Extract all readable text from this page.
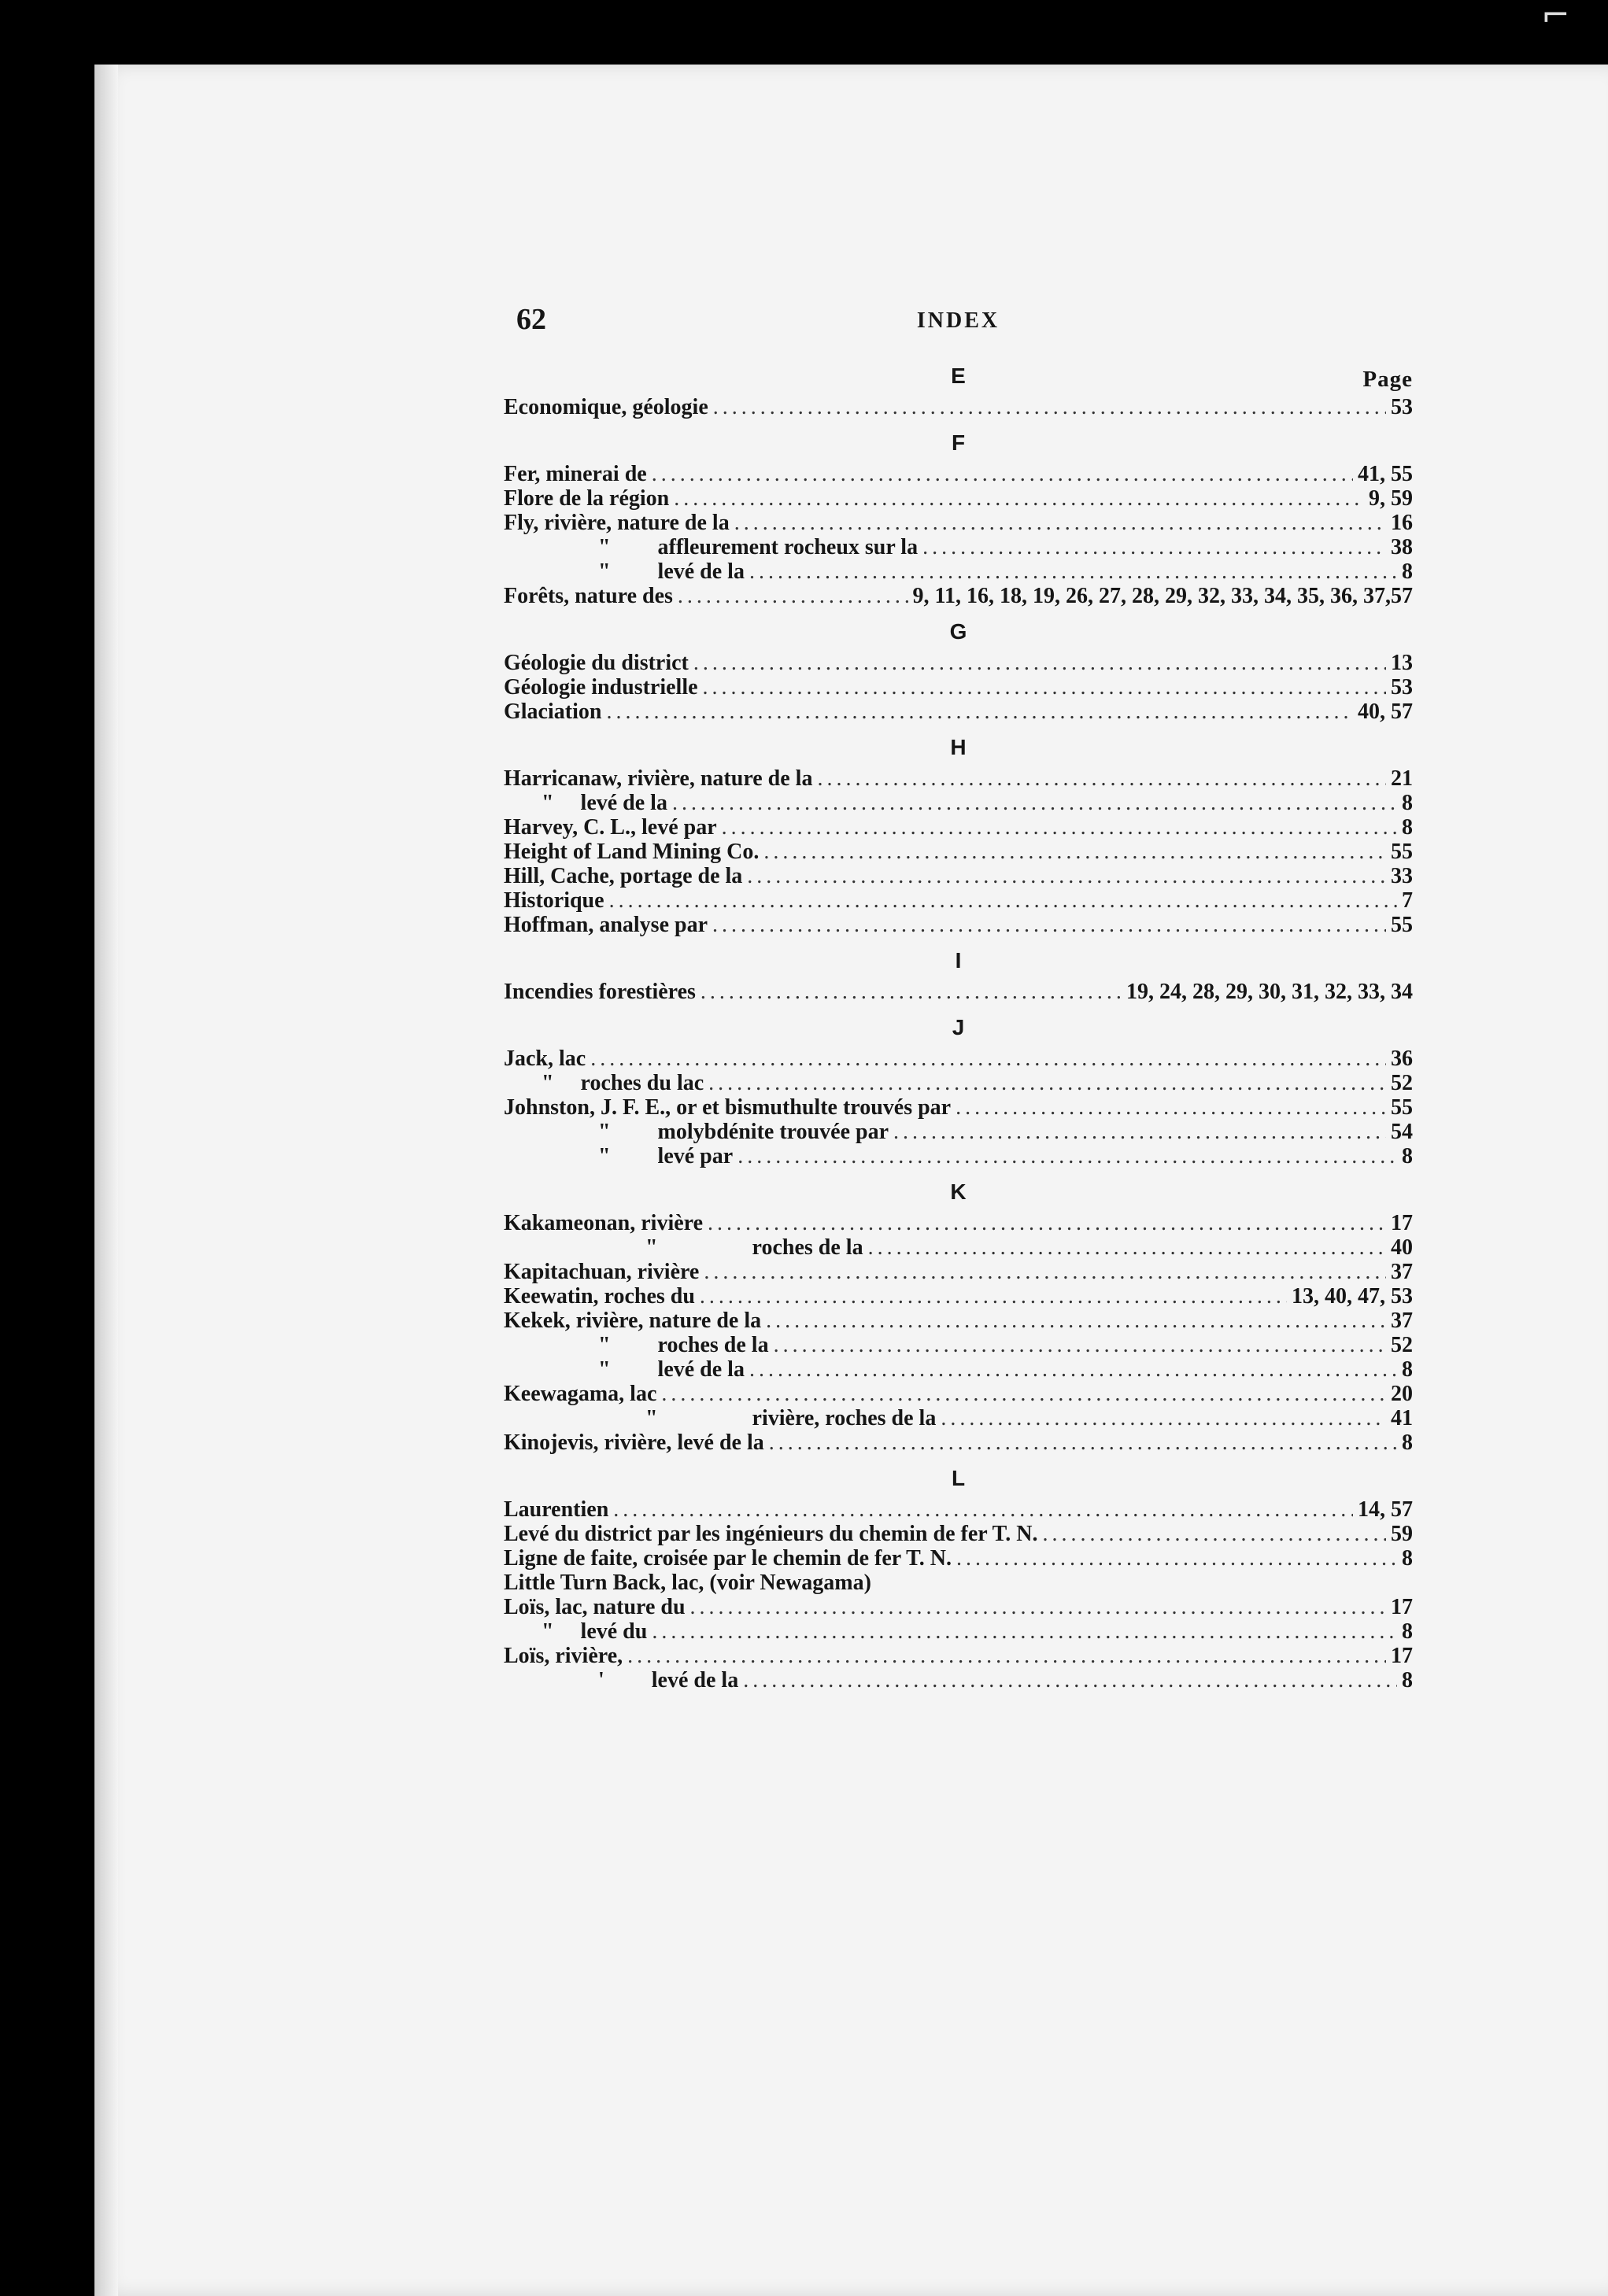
⌐
62	INDEX
E	Page
Economique, géologie .....	53
F
Fer, minerai de .....	41, 55
Flore de la région .....	9, 59
Fly, rivière, nature de la .....	16
" affleurement rocheux sur la .....	38
" levé de la .....	8
Forêts, nature des .....	9, 11, 16, 18, 19, 26, 27, 28, 29, 32, 33, 34, 35, 36, 37,57
G
Géologie du district .....	13
Géologie industrielle .....	53
Glaciation .....	40, 57
H
Harricanaw, rivière, nature de la .....	21
" levé de la .....	8
Harvey, C. L., levé par .....	8
Height of Land Mining Co. .....	55
Hill, Cache, portage de la .....	33
Historique .....	7
Hoffman, analyse par .....	55
I
Incendies forestières .....	19, 24, 28, 29, 30, 31, 32, 33, 34
J
Jack, lac .....	36
" roches du lac .....	52
Johnston, J. F. E., or et bismuthulte trouvés par .....	55
" molybdénite trouvée par .....	54
" levé par .....	8
K
Kakameonan, rivière .....	17
"	roches de la .....	40
Kapitachuan, rivière .....	37
Keewatin, roches du .....	13, 40, 47, 53
Kekek, rivière, nature de la .....	37
" roches de la .....	52
" levé de la .....	8
Keewagama, lac .....	20
"	rivière, roches de la .....	41
Kinojevis, rivière, levé de la .....	8
L
Laurentien .....	14, 57
Levé du district par les ingénieurs du chemin de fer T. N. .....	59
Ligne de faite, croisée par le chemin de fer T. N. .....	8
Little Turn Back, lac, (voir Newagama)
Loïs, lac, nature du .....	17
" levé du .....	8
Loïs, rivière, .....	17
' levé de la .....	8
